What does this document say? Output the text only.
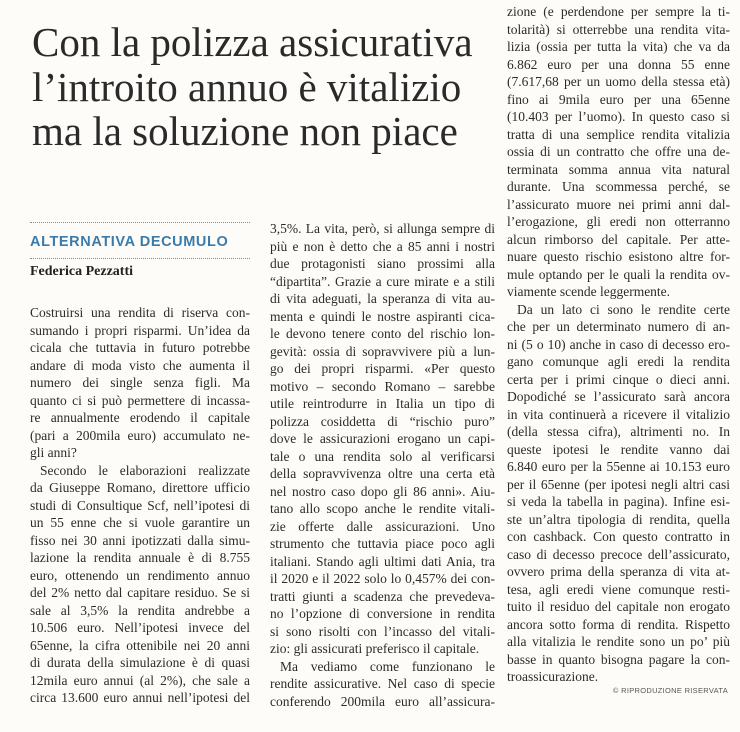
Con la polizza assicurativa
l’introito annuo è vitalizio
ma la soluzione non piace
ALTERNATIVA DECUMULO
Federica Pezzatti
Costruirsi una rendita di riserva con-
sumando i propri risparmi. Un’idea da
cicala che tuttavia in futuro potrebbe
andare di moda visto che aumenta il
numero dei single senza figli. Ma
quanto ci si può permettere di incassa-
re annualmente erodendo il capitale
(pari a 200mila euro) accumulato ne-
gli anni?
Secondo le elaborazioni realizzate
da Giuseppe Romano, direttore ufficio
studi di Consultique Scf, nell’ipotesi di
un 55 enne che si vuole garantire un
fisso nei 30 anni ipotizzati dalla simu-
lazione la rendita annuale è di 8.755
euro, ottenendo un rendimento annuo
del 2% netto dal capitare residuo. Se si
sale al 3,5% la rendita andrebbe a
10.506 euro. Nell’ipotesi invece del
65enne, la cifra ottenibile nei 20 anni
di durata della simulazione è di quasi
12mila euro annui (al 2%), che sale a
circa 13.600 euro annui nell’ipotesi del
3,5%. La vita, però, si allunga sempre di
più e non è detto che a 85 anni i nostri
due protagonisti siano prossimi alla
“dipartita”. Grazie a cure mirate e a stili
di vita adeguati, la speranza di vita au-
menta e quindi le nostre aspiranti cica-
le devono tenere conto del rischio lon-
gevità: ossia di sopravvivere più a lun-
go dei propri risparmi. «Per questo
motivo – secondo Romano – sarebbe
utile reintrodurre in Italia un tipo di
polizza cosiddetta di “rischio puro”
dove le assicurazioni erogano un capi-
tale o una rendita solo al verificarsi
della sopravvivenza oltre una certa età
nel nostro caso dopo gli 86 anni». Aiu-
tano allo scopo anche le rendite vitali-
zie offerte dalle assicurazioni. Uno
strumento che tuttavia piace poco agli
italiani. Stando agli ultimi dati Ania, tra
il 2020 e il 2022 solo lo 0,457% dei con-
tratti giunti a scadenza che prevedeva-
no l’opzione di conversione in rendita
si sono risolti con l’incasso del vitali-
zio: gli assicurati preferisco il capitale.
Ma vediamo come funzionano le
rendite assicurative. Nel caso di specie
conferendo 200mila euro all’assicura-
zione (e perdendone per sempre la ti-
tolarità) si otterrebbe una rendita vita-
lizia (ossia per tutta la vita) che va da
6.862 euro per una donna 55 enne
(7.617,68 per un uomo della stessa età)
fino ai 9mila euro per una 65enne
(10.403 per l’uomo). In questo caso si
tratta di una semplice rendita vitalizia
ossia di un contratto che offre una de-
terminata somma annua vita natural
durante. Una scommessa perché, se
l’assicurato muore nei primi anni dal-
l’erogazione, gli eredi non otterranno
alcun rimborso del capitale. Per atte-
nuare questo rischio esistono altre for-
mule optando per le quali la rendita ov-
viamente scende leggermente.
Da un lato ci sono le rendite certe
che per un determinato numero di an-
ni (5 o 10) anche in caso di decesso ero-
gano comunque agli eredi la rendita
certa per i primi cinque o dieci anni.
Dopodiché se l’assicurato sarà ancora
in vita continuerà a ricevere il vitalizio
(della stessa cifra), altrimenti no. In
queste ipotesi le rendite vanno dai
6.840 euro per la 55enne ai 10.153 euro
per il 65enne (per ipotesi negli altri casi
si veda la tabella in pagina). Infine esi-
ste un’altra tipologia di rendita, quella
con cashback. Con questo contratto in
caso di decesso precoce dell’assicurato,
ovvero prima della speranza di vita at-
tesa, agli eredi viene comunque resti-
tuito il residuo del capitale non erogato
ancora sotto forma di rendita. Rispetto
alla vitalizia le rendite sono un po’ più
basse in quanto bisogna pagare la con-
troassicurazione.
© RIPRODUZIONE RISERVATA
